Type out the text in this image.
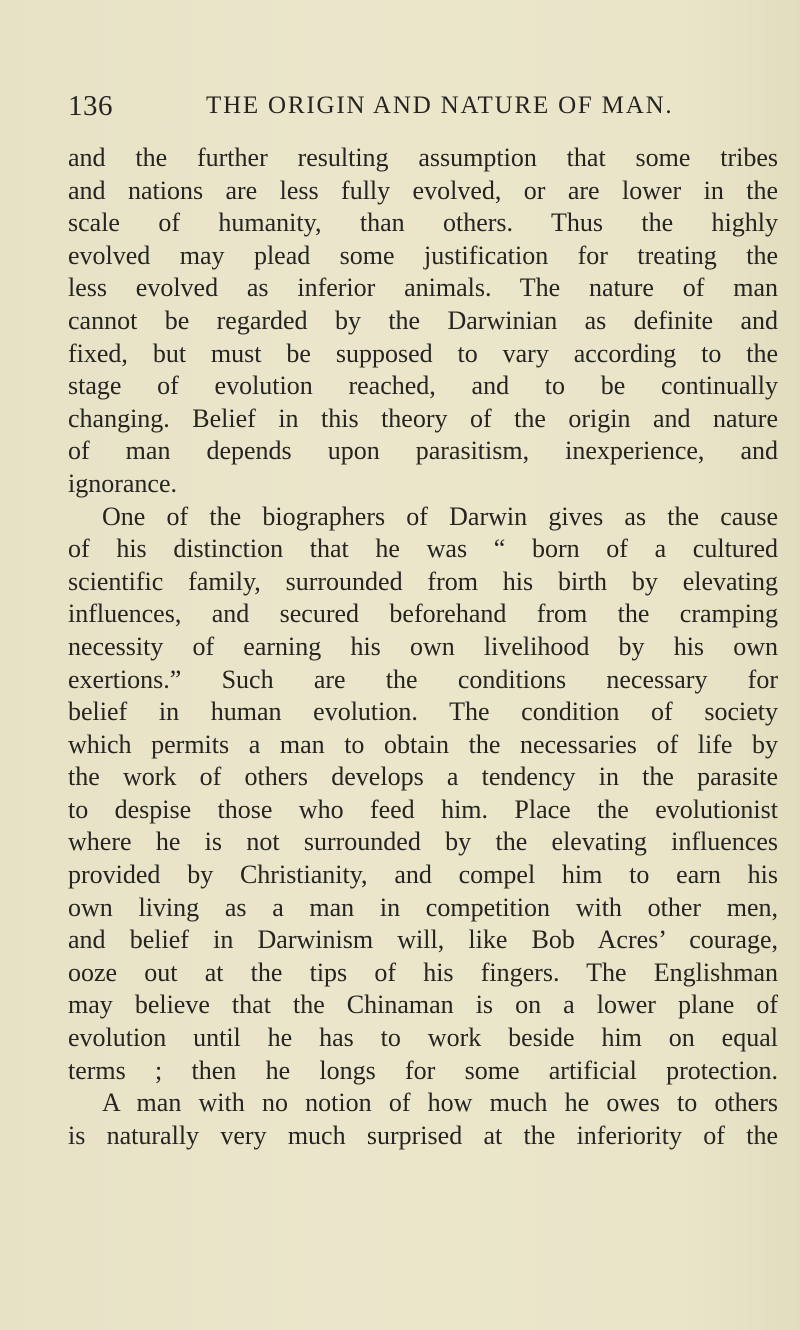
136	THE ORIGIN AND NATURE OF MAN.
and the further resulting assumption that some tribes
and nations are less fully evolved, or are lower in the
scale of humanity, than others. Thus the highly
evolved may plead some justification for treating the
less evolved as inferior animals. The nature of man
cannot be regarded by the Darwinian as definite and
fixed, but must be supposed to vary according to the
stage of evolution reached, and to be continually
changing. Belief in this theory of the origin and nature
of man depends upon parasitism, inexperience, and
ignorance.
One of the biographers of Darwin gives as the cause
of his distinction that he was “ born of a cultured
scientific family, surrounded from his birth by elevating
influences, and secured beforehand from the cramping
necessity of earning his own livelihood by his own
exertions.” Such are the conditions necessary for
belief in human evolution. The condition of society
which permits a man to obtain the necessaries of life by
the work of others develops a tendency in the parasite
to despise those who feed him. Place the evolutionist
where he is not surrounded by the elevating influences
provided by Christianity, and compel him to earn his
own living as a man in competition with other men,
and belief in Darwinism will, like Bob Acres’ courage,
ooze out at the tips of his fingers. The Englishman
may believe that the Chinaman is on a lower plane of
evolution until he has to work beside him on equal
terms ; then he longs for some artificial protection.
A man with no notion of how much he owes to others
is naturally very much surprised at the inferiority of the
